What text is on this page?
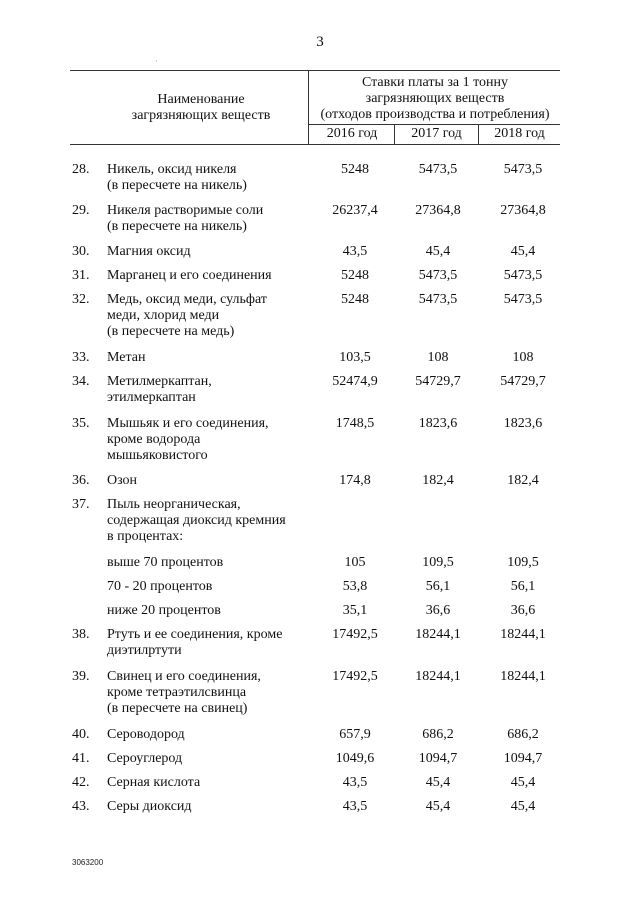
3
·
Наименование
загрязняющих веществ
Ставки платы за 1 тонну
загрязняющих веществ
(отходов производства и потребления)
2016 год	2017 год	2018 год
28. Никель, оксид никеля
(в пересчете на никель)
5248	5473,5	5473,5
29. Никеля растворимые соли
(в пересчете на никель)
26237,4	27364,8	27364,8
30. Магния оксид	43,5	45,4	45,4
31. Марганец и его соединения	5248	5473,5	5473,5
32. Медь, оксид меди, сульфат
меди, хлорид меди
(в пересчете на медь)
5248	5473,5	5473,5
33. Метан	103,5	108	108
34. Метилмеркаптан,
этилмеркаптан
52474,9	54729,7	54729,7
35. Мышьяк и его соединения,
кроме водорода
мышьяковистого
1748,5	1823,6	1823,6
36. Озон	174,8	182,4	182,4
37. Пыль неорганическая,
содержащая диоксид кремния
в процентах:
выше 70 процентов	105	109,5	109,5
70 - 20 процентов	53,8	56,1	56,1
ниже 20 процентов	35,1	36,6	36,6
38. Ртуть и ее соединения, кроме
диэтилртути
17492,5	18244,1	18244,1
39. Свинец и его соединения,
кроме тетраэтилсвинца
(в пересчете на свинец)
17492,5	18244,1	18244,1
40. Сероводород	657,9	686,2	686,2
41. Сероуглерод	1049,6	1094,7	1094,7
42. Серная кислота	43,5	45,4	45,4
43. Серы диоксид	43,5	45,4	45,4
3063200
